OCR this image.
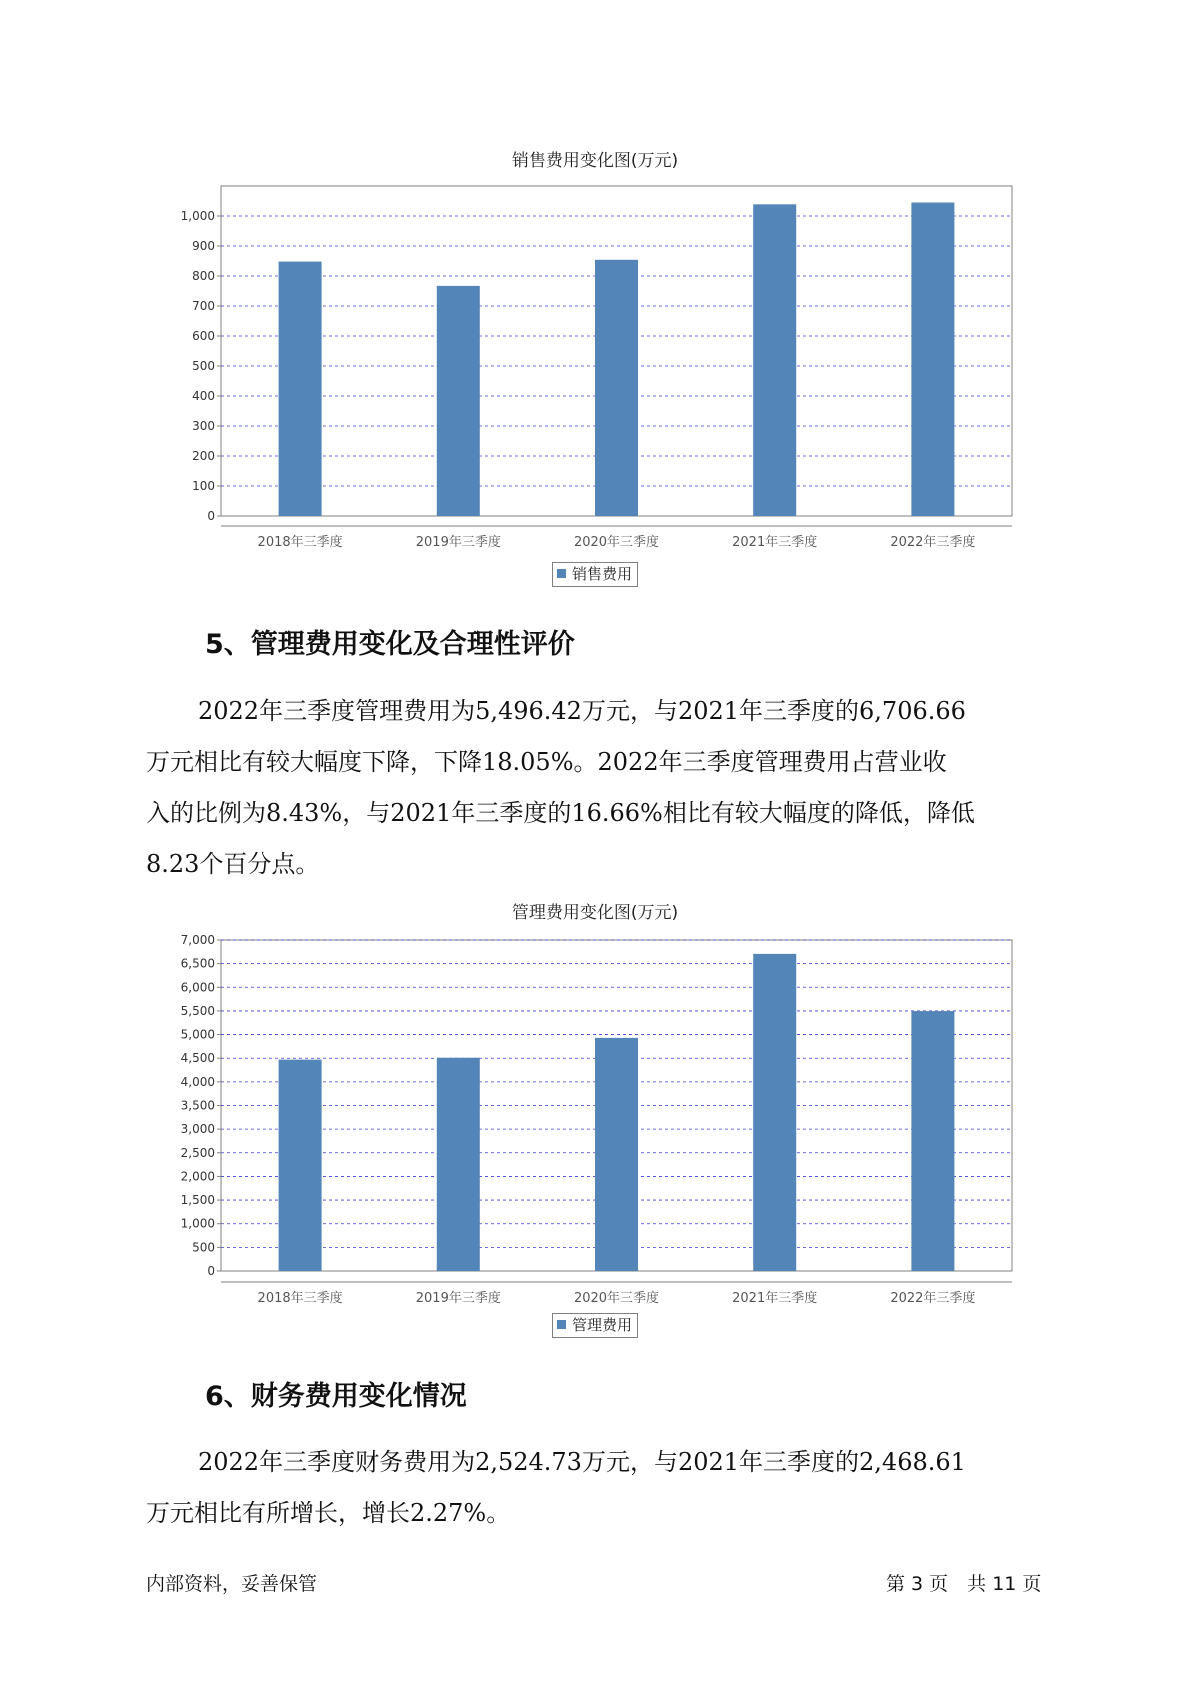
销售费用变化图(万元)
0
100
200
300
400
500
600
700
800
900
1,000
2018年三季度	2019年三季度	2020年三季度	2021年三季度	2022年三季度
销售费用
5、管理费用变化及合理性评价
2022年三季度管理费用为5,496.42万元，与2021年三季度的6,706.66
万元相比有较大幅度下降，下降18.05%。2022年三季度管理费用占营业收
入的比例为8.43%，与2021年三季度的16.66%相比有较大幅度的降低，降低
8.23个百分点。
管理费用变化图(万元)
0
500
1,000
1,500
2,000
2,500
3,000
3,500
4,000
4,500
5,000
5,500
6,000
6,500
7,000
2018年三季度	2019年三季度	2020年三季度	2021年三季度	2022年三季度
管理费用
6、财务费用变化情况
2022年三季度财务费用为2,524.73万元，与2021年三季度的2,468.61
万元相比有所增长，增长2.27%。
内部资料，妥善保管	第 3 页　共 11 页
